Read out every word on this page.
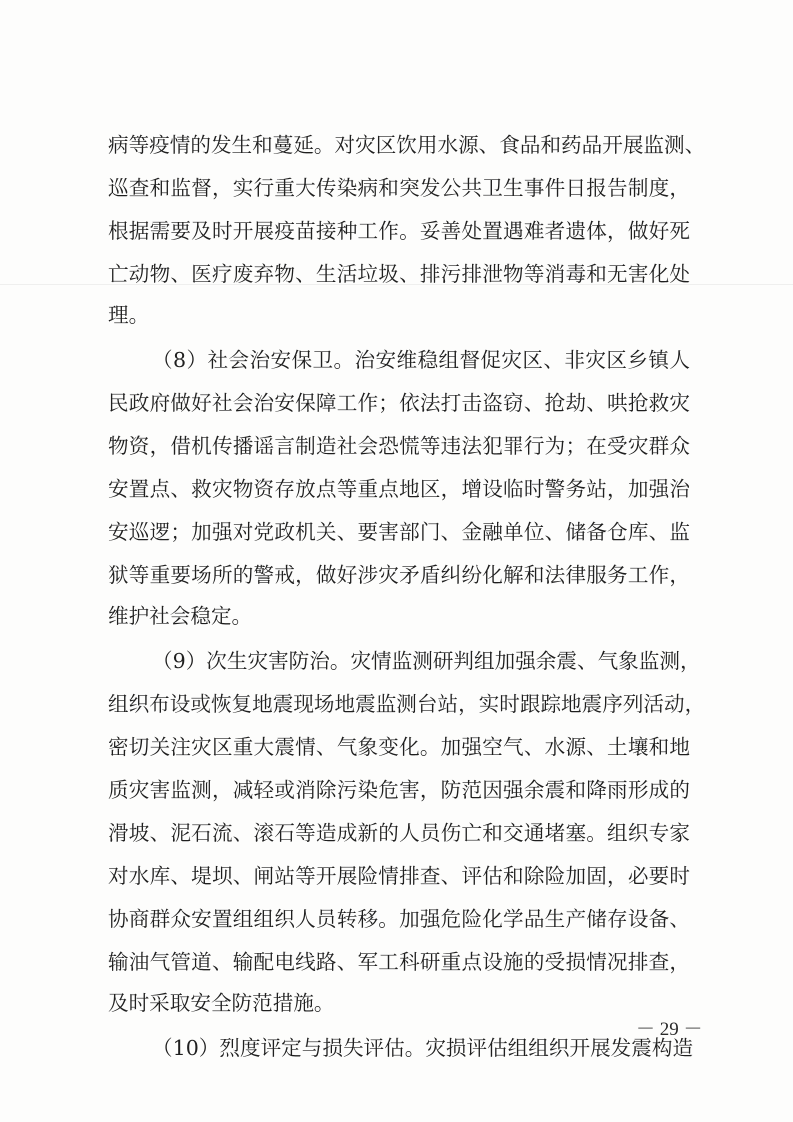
病等疫情的发生和蔓延。对灾区饮用水源、食品和药品开展监测、
巡查和监督，实行重大传染病和突发公共卫生事件日报告制度，
根据需要及时开展疫苗接种工作。妥善处置遇难者遗体，做好死
亡动物、医疗废弃物、生活垃圾、排污排泄物等消毒和无害化处
理。
（8）社会治安保卫。治安维稳组督促灾区、非灾区乡镇人
民政府做好社会治安保障工作；依法打击盗窃、抢劫、哄抢救灾
物资，借机传播谣言制造社会恐慌等违法犯罪行为；在受灾群众
安置点、救灾物资存放点等重点地区，增设临时警务站，加强治
安巡逻；加强对党政机关、要害部门、金融单位、储备仓库、监
狱等重要场所的警戒，做好涉灾矛盾纠纷化解和法律服务工作，
维护社会稳定。
（9）次生灾害防治。灾情监测研判组加强余震、气象监测，
组织布设或恢复地震现场地震监测台站，实时跟踪地震序列活动，
密切关注灾区重大震情、气象变化。加强空气、水源、土壤和地
质灾害监测，减轻或消除污染危害，防范因强余震和降雨形成的
滑坡、泥石流、滚石等造成新的人员伤亡和交通堵塞。组织专家
对水库、堤坝、闸站等开展险情排查、评估和除险加固，必要时
协商群众安置组组织人员转移。加强危险化学品生产储存设备、
输油气管道、输配电线路、军工科研重点设施的受损情况排查，
及时采取安全防范措施。
（10）烈度评定与损失评估。灾损评估组组织开展发震构造
－ 29 －
